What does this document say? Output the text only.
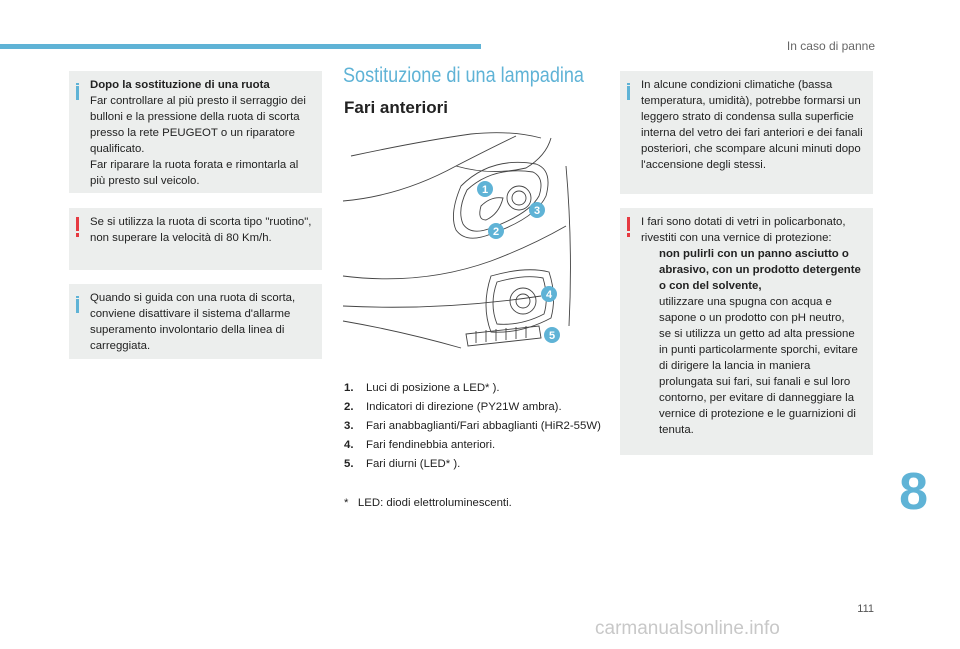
In caso di panne
Dopo la sostituzione di una ruota
Far controllare al più presto il serraggio dei bulloni e la pressione della ruota di scorta presso la rete PEUGEOT o un riparatore qualificato.
Far riparare la ruota forata e rimontarla al più presto sul veicolo.
Se si utilizza la ruota di scorta tipo "ruotino", non superare la velocità di 80 Km/h.
Quando si guida con una ruota di scorta, conviene disattivare il sistema d'allarme superamento involontario della linea di carreggiata.
Sostituzione di una lampadina
Fari anteriori
1
2
3
4
5
1. Luci di posizione a LED* ).
2. Indicatori di direzione (PY21W ambra).
3. Fari anabbaglianti/Fari abbaglianti (HiR2-55W)
4. Fari fendinebbia anteriori.
5. Fari diurni (LED* ).
*   LED: diodi elettroluminescenti.
In alcune condizioni climatiche (bassa temperatura, umidità), potrebbe formarsi un leggero strato di condensa sulla superficie interna del vetro dei fari anteriori e dei fanali posteriori, che scompare alcuni minuti dopo l'accensione degli stessi.
I fari sono dotati di vetri in policarbonato, rivestiti con una vernice di protezione:
non pulirli con un panno asciutto o abrasivo, con un prodotto detergente o con del solvente,
utilizzare una spugna con acqua e sapone o un prodotto con pH neutro,
se si utilizza un getto ad alta pressione in punti particolarmente sporchi, evitare di dirigere la lancia in maniera prolungata sui fari, sui fanali e sul loro contorno, per evitare di danneggiare la vernice di protezione e le guarnizioni di tenuta.
8
111
carmanualsonline.info
